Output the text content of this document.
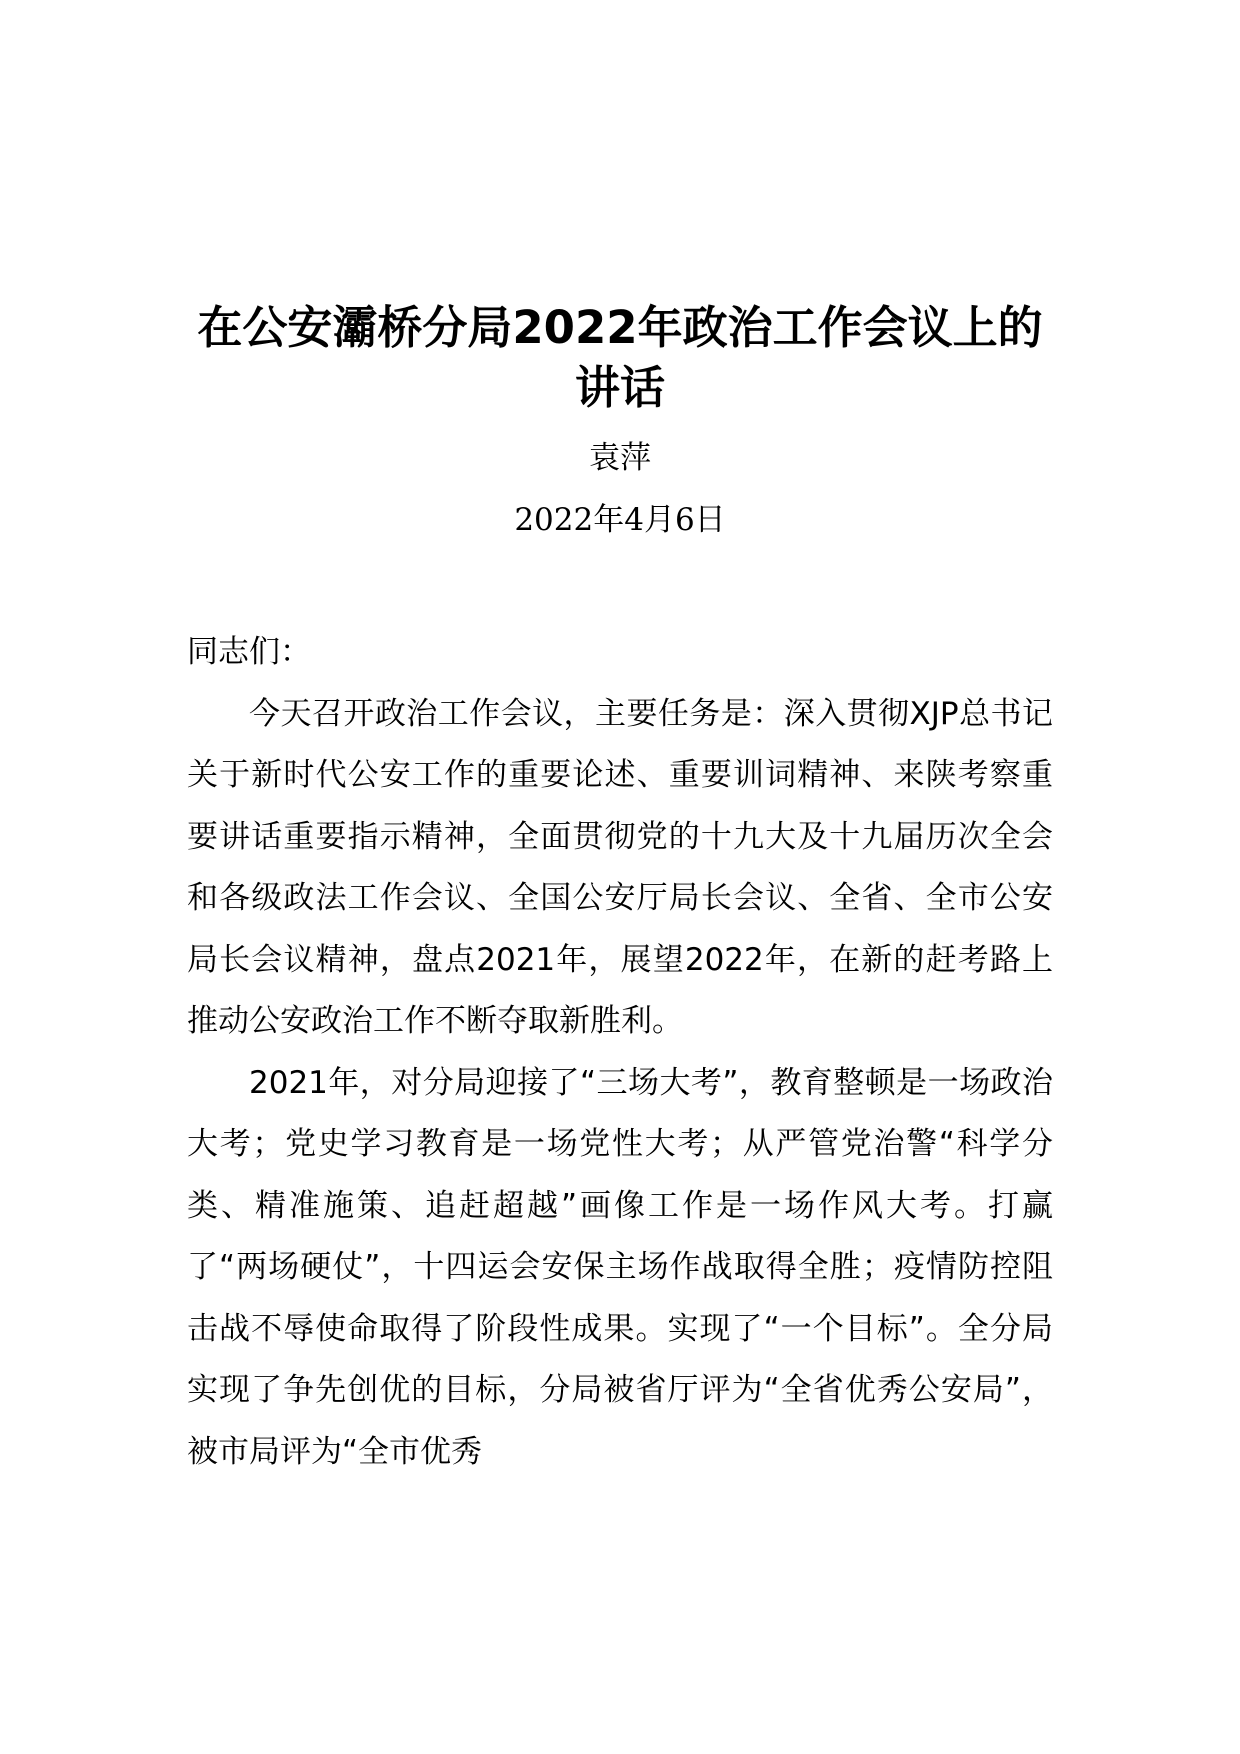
在公安灞桥分局2022年政治工作会议上的讲话
袁萍
2022年4月6日

同志们：

今天召开政治工作会议，主要任务是：深入贯彻XJP总书记关于新时代公安工作的重要论述、重要训词精神、来陕考察重要讲话重要指示精神，全面贯彻党的十九大及十九届历次全会和各级政法工作会议、全国公安厅局长会议、全省、全市公安局长会议精神，盘点2021年，展望2022年，在新的赶考路上推动公安政治工作不断夺取新胜利。

2021年，对分局迎接了“三场大考”，教育整顿是一场政治大考；党史学习教育是一场党性大考；从严管党治警“科学分类、精准施策、追赶超越”画像工作是一场作风大考。打赢了“两场硬仗”，十四运会安保主场作战取得全胜；疫情防控阻击战不辱使命取得了阶段性成果。实现了“一个目标”。全分局实现了争先创优的目标，分局被省厅评为“全省优秀公安局”，被市局评为“全市优秀
